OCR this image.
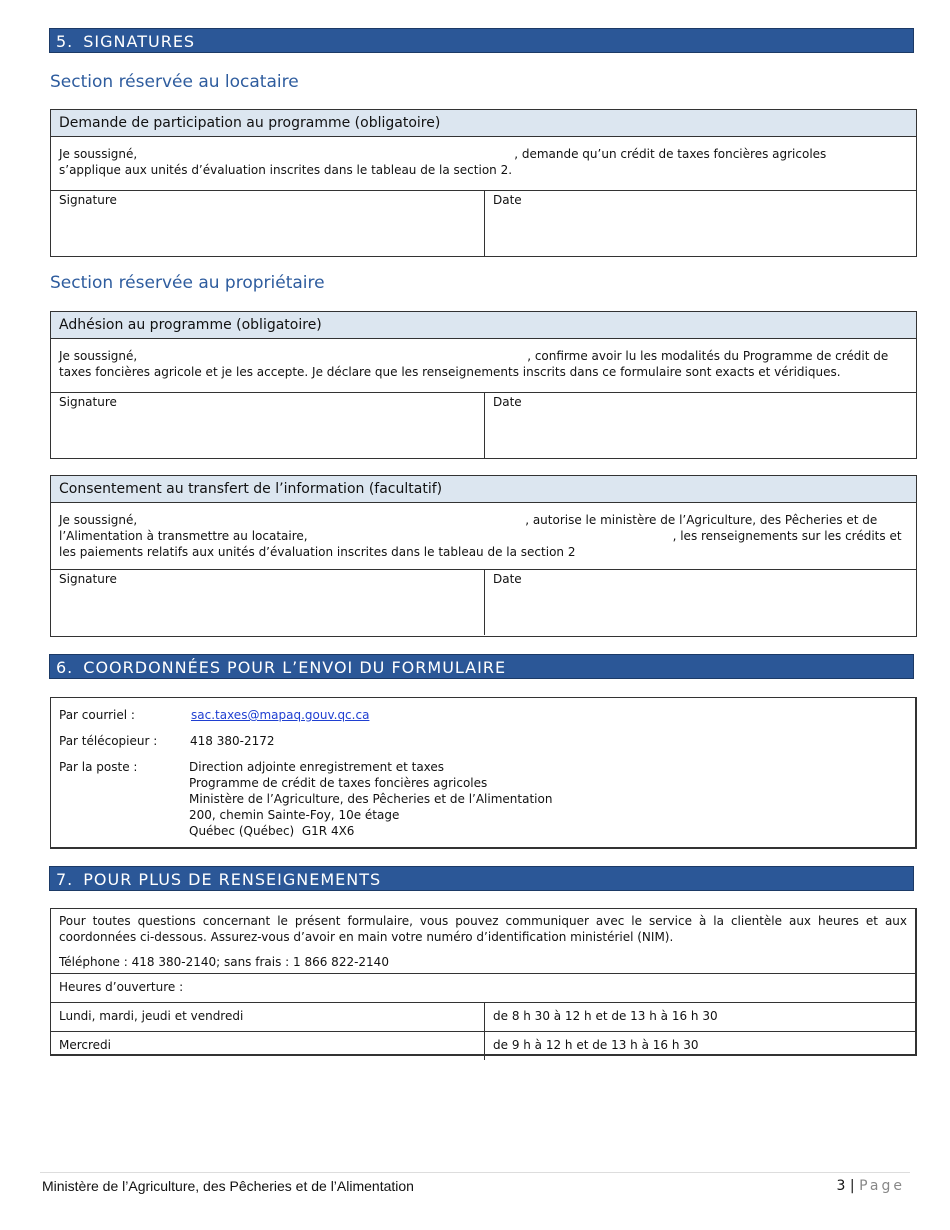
5. SIGNATURES
Section réservée au locataire
Demande de participation au programme (obligatoire)
Je soussigné,	, demande qu’un crédit de taxes foncières agricoles
s’applique aux unités d’évaluation inscrites dans le tableau de la section 2.
Signature	Date
Section réservée au propriétaire
Adhésion au programme (obligatoire)
Je soussigné,	, confirme avoir lu les modalités du Programme de crédit de
taxes foncières agricole et je les accepte. Je déclare que les renseignements inscrits dans ce formulaire sont exacts et véridiques.
Signature	Date
Consentement au transfert de l’information (facultatif)
Je soussigné,	, autorise le ministère de l’Agriculture, des Pêcheries et de
l’Alimentation à transmettre au locataire,	, les renseignements sur les crédits et
les paiements relatifs aux unités d’évaluation inscrites dans le tableau de la section 2
Signature	Date
6. COORDONNÉES POUR L’ENVOI DU FORMULAIRE
Par courriel :	sac.taxes@mapaq.gouv.qc.ca
Par télécopieur :	418 380-2172
Par la poste :	Direction adjointe enregistrement et taxes
Programme de crédit de taxes foncières agricoles
Ministère de l’Agriculture, des Pêcheries et de l’Alimentation
200, chemin Sainte-Foy, 10e étage
Québec (Québec)  G1R 4X6
7. POUR PLUS DE RENSEIGNEMENTS
Pour toutes questions concernant le présent formulaire, vous pouvez communiquer avec le service à la clientèle aux heures et aux
coordonnées ci-dessous. Assurez-vous d’avoir en main votre numéro d’identification ministériel (NIM).
Téléphone : 418 380-2140; sans frais : 1 866 822-2140
Heures d’ouverture :
Lundi, mardi, jeudi et vendredi	de 8 h 30 à 12 h et de 13 h à 16 h 30
Mercredi	de 9 h à 12 h et de 13 h à 16 h 30
Ministère de l’Agriculture, des Pêcheries et de l’Alimentation	3 | Page
